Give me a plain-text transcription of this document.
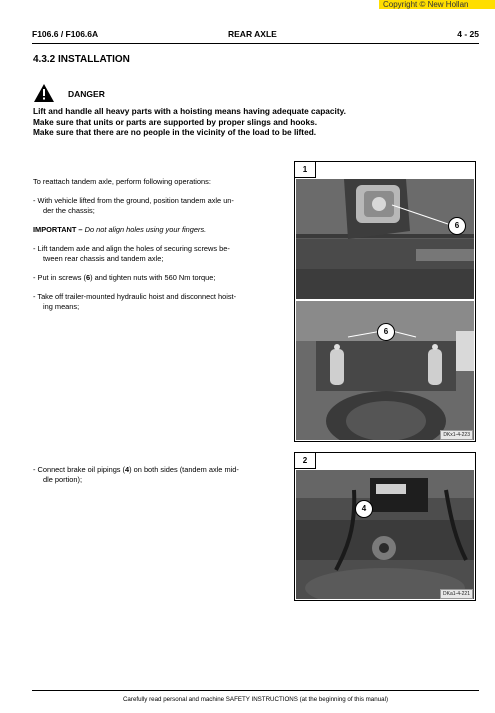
Copyright © New Hollan
F106.6 / F106.6A	REAR AXLE	4 - 25
4.3.2 INSTALLATION
DANGER
Lift and handle all heavy parts with a hoisting means having adequate capacity.
Make sure that units or parts are supported by proper slings and hooks.
Make sure that there are no people in the vicinity of the load to be lifted.
To reattach tandem axle, perform following operations:
- With vehicle lifted from the ground, position tandem axle un-
der the chassis;
IMPORTANT – Do not align holes using your fingers.
- Lift tandem axle and align the holes of securing screws be-
tween rear chassis and tandem axle;
- Put in screws (6) and tighten nuts with 560 Nm torque;
- Take off trailer-mounted hydraulic hoist and disconnect hoist-
ing means;
- Connect brake oil pipings (4) on both sides (tandem axle mid-
dle portion);
1
6
6
DKx1-4-223
2
4
DKa1-4-221
Carefully read personal and machine SAFETY INSTRUCTIONS (at the beginning of this manual)
